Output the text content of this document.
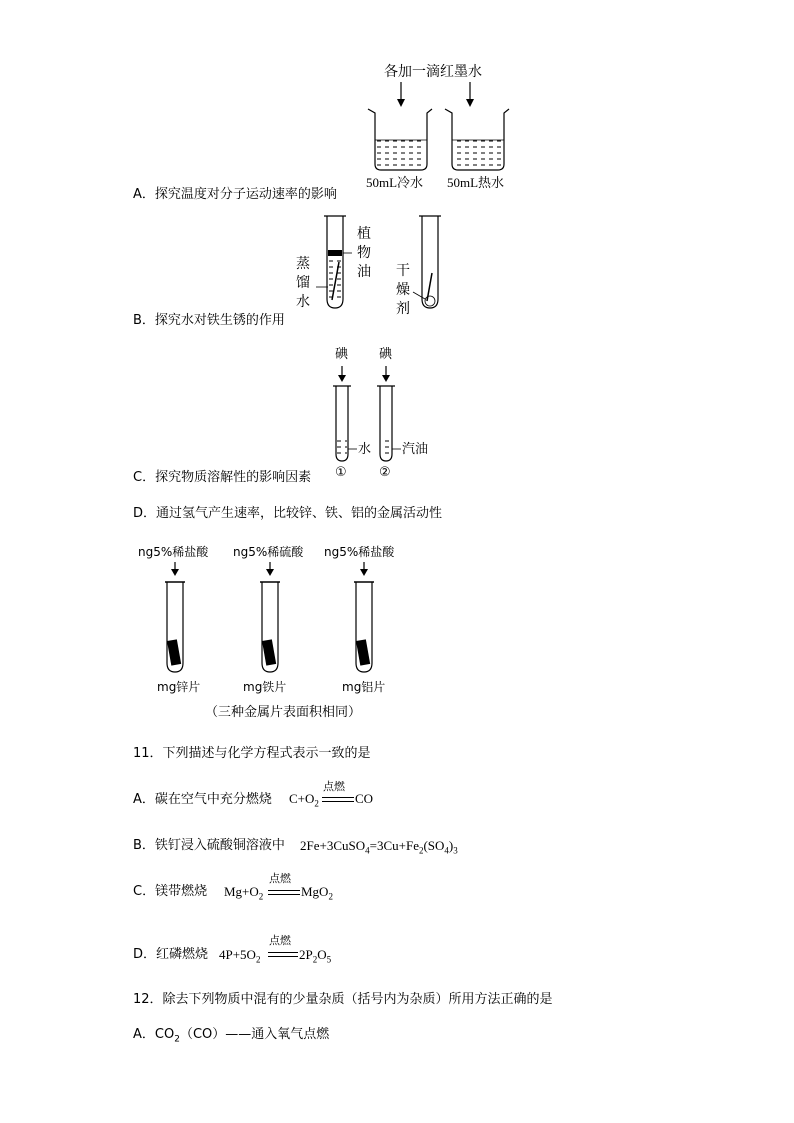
各加一滴红墨水
50mL冷水 50mL热水
A．探究温度对分子运动速率的影响
植
物
油
蒸
馏
水
干
燥
剂
B．探究水对铁生锈的作用
碘 碘
水 汽油
① ②
C．探究物质溶解性的影响因素
D．通过氢气产生速率，比较锌、铁、铝的金属活动性
ng5%稀盐酸 ng5%稀硫酸 ng5%稀盐酸
mg锌片	mg铁片	mg铝片
（三种金属片表面积相同）
11．下列描述与化学方程式表示一致的是
A．碳在空气中充分燃烧 $C+O_2$
点燃
CO
B．铁钉浸入硫酸铜溶液中 $2Fe+3CuSO_4=3Cu+Fe_2(SO_4)_3$
C．镁带燃烧 $Mg+O_2$
点燃
MgO$_2$
D．红磷燃烧 $4P+5O_2$
点燃
$2P_2O_5$
12．除去下列物质中混有的少量杂质（括号内为杂质）所用方法正确的是
A．$CO_2(CO)——$通入氧气点燃
